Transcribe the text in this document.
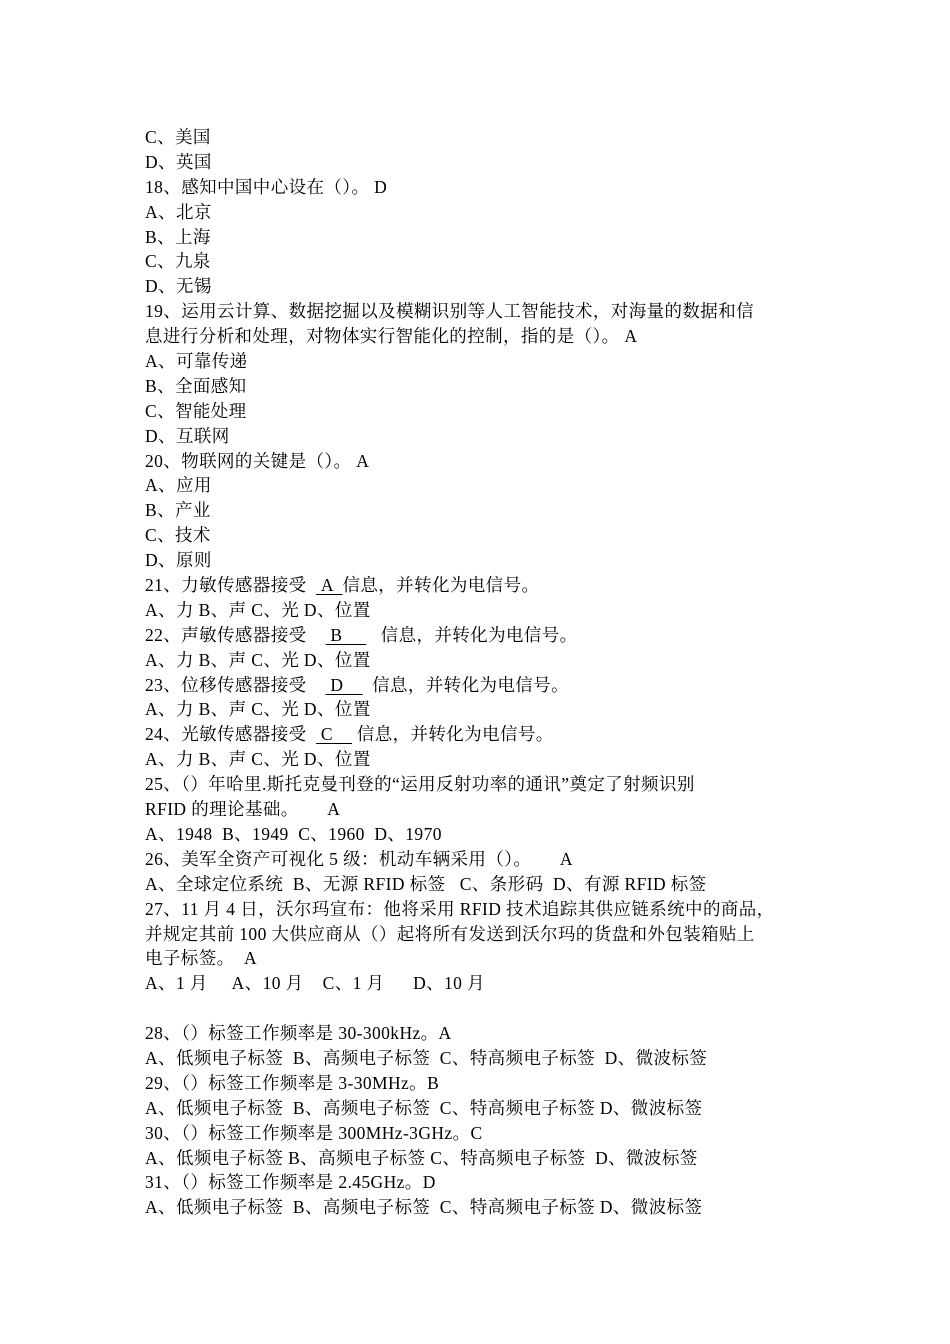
C、美国
D、英国
18、感知中国中心设在（）。 D
A、北京
B、上海
C、九泉
D、无锡
19、运用云计算、数据挖掘以及模糊识别等人工智能技术，对海量的数据和信
息进行分析和处理，对物体实行智能化的控制，指的是（）。 A
A、可靠传递
B、全面感知
C、智能处理
D、互联网
20、物联网的关键是（）。 A
A、应用
B、产业
C、技术
D、原则
21、力敏传感器接受   A  信息，并转化为电信号。
A、力 B、声 C、光 D、位置
22、声敏传感器接受     B        信息，并转化为电信号。
A、力 B、声 C、光 D、位置
23、位移传感器接受     D      信息，并转化为电信号。
A、力 B、声 C、光 D、位置
24、光敏传感器接受   C     信息，并转化为电信号。
A、力 B、声 C、光 D、位置
25、（）年哈里.斯托克曼刊登的“运用反射功率的通讯”奠定了射频识别
RFID 的理论基础。      A
A、1948  B、1949  C、1960  D、1970
26、美军全资产可视化 5 级：机动车辆采用（）。      A
A、全球定位系统  B、无源 RFID 标签   C、条形码  D、有源 RFID 标签
27、11 月 4 日，沃尔玛宣布：他将采用 RFID 技术追踪其供应链系统中的商品，
并规定其前 100 大供应商从（）起将所有发送到沃尔玛的货盘和外包装箱贴上
电子标签。  A
A、1 月     A、10 月    C、1 月      D、10 月
28、（）标签工作频率是 30-300kHz。A
A、低频电子标签  B、高频电子标签  C、特高频电子标签  D、微波标签
29、（）标签工作频率是 3-30MHz。B
A、低频电子标签  B、高频电子标签  C、特高频电子标签 D、微波标签
30、（）标签工作频率是 300MHz-3GHz。C
A、低频电子标签 B、高频电子标签 C、特高频电子标签  D、微波标签
31、（）标签工作频率是 2.45GHz。D
A、低频电子标签  B、高频电子标签  C、特高频电子标签 D、微波标签
